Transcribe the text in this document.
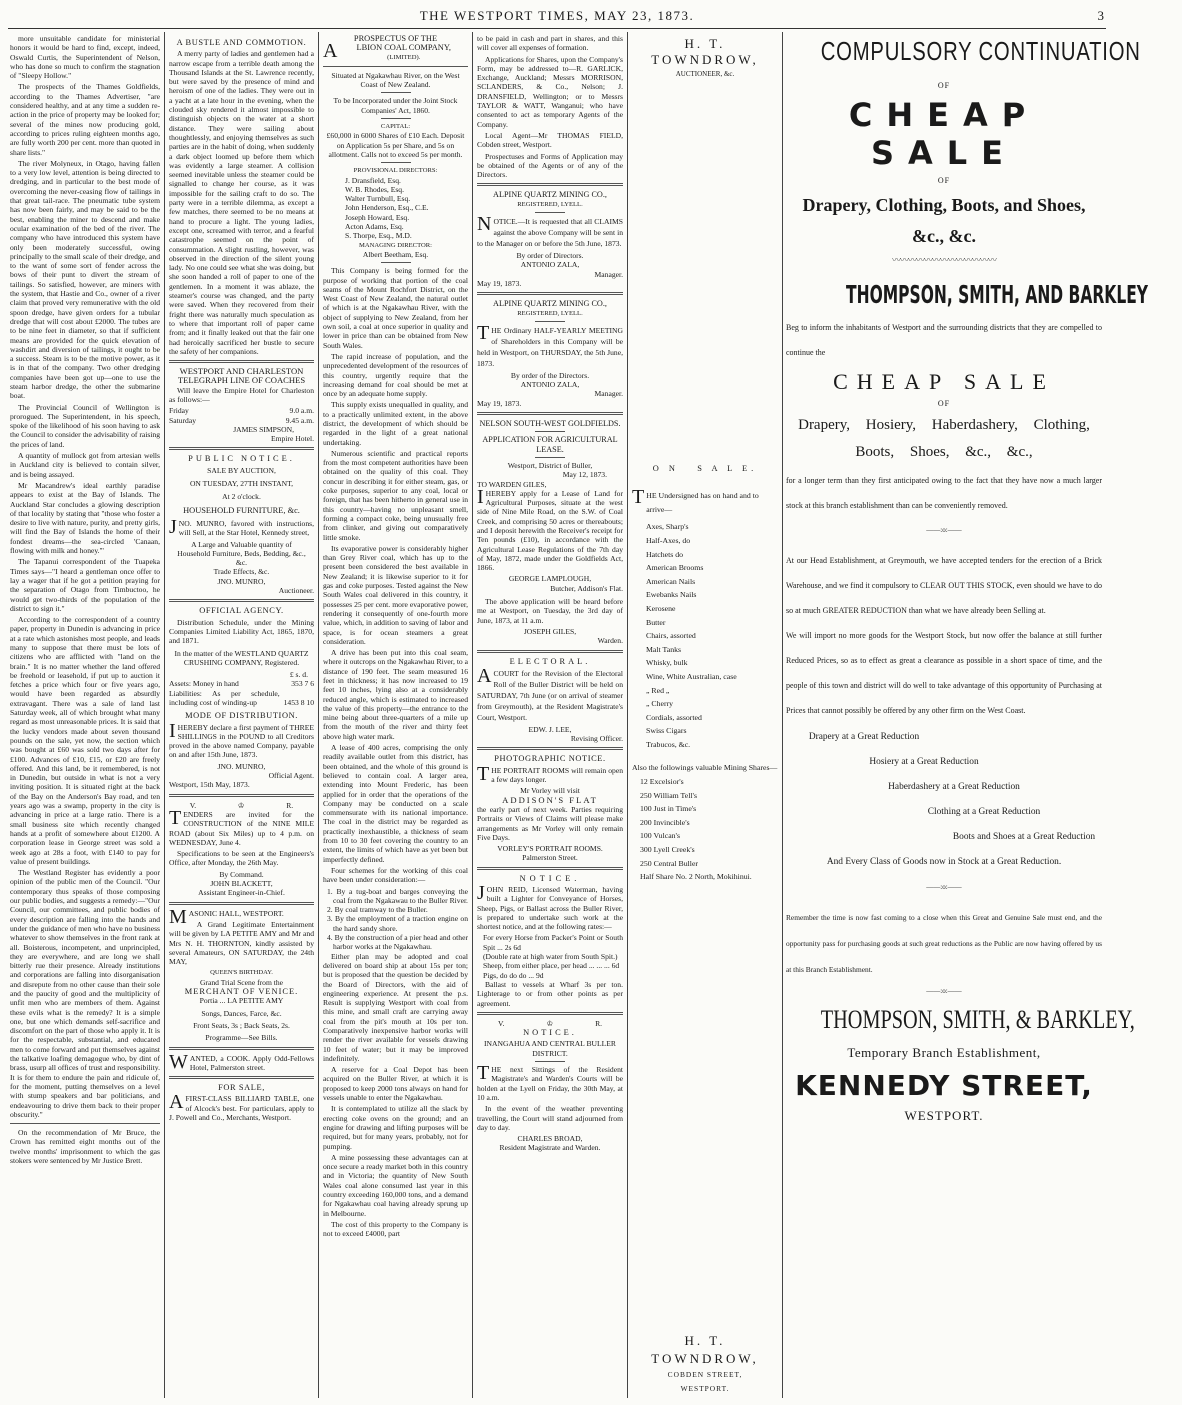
THE WESTPORT TIMES, MAY 23, 1873.	3

more unsuitable candidate for ministerial honors it would be hard to find, except, indeed, Oswald Curtis, the Superintendent of Nelson, who has done so much to confirm the stagnation of "Sleepy Hollow."

The prospects of the Thames Goldfields, according to the Thames Advertiser, "are considered healthy, and at any time a sudden re-action in the price of property may be looked for; several of the mines now producing gold, according to prices ruling eighteen months ago, are fully worth 200 per cent. more than quoted in share lists."

The river Molyneux, in Otago, having fallen to a very low level, attention is being directed to dredging, and in particular to the best mode of overcoming the never-ceasing flow of tailings in that great tail-race. The pneumatic tube system has now been fairly, and may be said to be the best, enabling the miner to descend and make ocular examination of the bed of the river. The company who have introduced this system have only been moderately successful, owing principally to the small scale of their dredge, and to the want of some sort of fender across the bows of their punt to divert the stream of tailings. So satisfied, however, are miners with the system, that Hastie and Co., owner of a river claim that proved very remunerative with the old spoon dredge, have given orders for a tubular dredge that will cost about £2000. The tubes are to be nine feet in diameter, so that if sufficient means are provided for the quick elevation of washdirt and diversion of tailings, it ought to be a success. Steam is to be the motive power, as it is in that of the company. Two other dredging companies have been got up—one to use the steam harbor dredge, the other the submarine boat.

The Provincial Council of Wellington is prorogued. The Superintendent, in his speech, spoke of the likelihood of his soon having to ask the Council to consider the advisability of raising the prices of land.

A quantity of mullock got from artesian wells in Auckland city is believed to contain silver, and is being assayed.

Mr Macandrew's ideal earthly paradise appears to exist at the Bay of Islands. The Auckland Star concludes a glowing description of that locality by stating that "those who foster a desire to live with nature, purity, and pretty girls, will find the Bay of Islands the home of their fondest dreams—the sea-circled 'Canaan, flowing with milk and honey.'"

The Tapanui correspondent of the Tuapeka Times says—"I heard a gentleman once offer to lay a wager that if he got a petition praying for the separation of Otago from Timbuctoo, he would get two-thirds of the population of the district to sign it."

According to the correspondent of a country paper, property in Dunedin is advancing in price at a rate which astonishes most people, and leads many to suppose that there must be lots of citizens who are afflicted with "land on the brain." It is no matter whether the land offered be freehold or leasehold, if put up to auction it fetches a price which four or five years ago, would have been regarded as absurdly extravagant. There was a sale of land last Saturday week, all of which brought what many regard as most unreasonable prices. It is said that the lucky vendors made about seven thousand pounds on the sale, yet now, the section which was bought at £60 was sold two days after for £100. Advances of £10, £15, or £20 are freely offered. And this land, be it remembered, is not in Dunedin, but outside in what is not a very inviting position. It is situated right at the back of the Bay on the Anderson's Bay road, and ten years ago was a swamp, property in the city is advancing in price at a large ratio. There is a small business site which recently changed hands at a profit of somewhere about £1200. A corporation lease in George street was sold a week ago at 28s a foot, with £140 to pay for value of present buildings.

The Westland Register has evidently a poor opinion of the public men of the Council. "Our contemporary thus speaks of those composing our public bodies, and suggests a remedy:—"Our Council, our committees, and public bodies of every description are falling into the hands and under the guidance of men who have no business whatever to show themselves in the front rank at all. Boisterous, incompetent, and unprincipled, they are everywhere, and are long we shall bitterly rue their presence. Already institutions and corporations are falling into disorganisation and disrepute from no other cause than their sole and the paucity of good and the multiplicity of unfit men who are members of them. Against these evils what is the remedy? It is a simple one, but one which demands self-sacrifice and discomfort on the part of those who apply it. It is for the respectable, substantial, and educated men to come forward and put themselves against the talkative loafing demagogue who, by dint of brass, usurp all offices of trust and responsibility. It is for them to endure the pain and ridicule of, for the moment, putting themselves on a level with stump speakers and bar politicians, and endeavouring to drive them back to their proper obscurity."

On the recommendation of Mr Bruce, the Crown has remitted eight months out of the twelve months' imprisonment to which the gas stokers were sentenced by Mr Justice Brett.

A BUSTLE AND COMMOTION.

A merry party of ladies and gentlemen had a narrow escape from a terrible death among the Thousand Islands at the St. Lawrence recently, but were saved by the presence of mind and heroism of one of the ladies. They were out in a yacht at a late hour in the evening, when the clouded sky rendered it almost impossible to distinguish objects on the water at a short distance. They were sailing about thoughtlessly, and enjoying themselves as such parties are in the habit of doing, when suddenly a dark object loomed up before them which was evidently a large steamer. A collision seemed inevitable unless the steamer could be signalled to change her course, as it was impossible for the sailing craft to do so. The party were in a terrible dilemma, as except a few matches, there seemed to be no means at hand to procure a light. The young ladies, except one, screamed with terror, and a fearful catastrophe seemed on the point of consummation. A slight rustling, however, was observed in the direction of the silent young lady. No one could see what she was doing, but she soon handed a roll of paper to one of the gentlemen. In a moment it was ablaze, the steamer's course was changed, and the party were saved. When they recovered from their fright there was naturally much speculation as to where that important roll of paper came from; and it finally leaked out that the fair one had heroically sacrificed her bustle to secure the safety of her companions.

WESTPORT AND CHARLESTON TELEGRAPH LINE OF COACHES

Will leave the Empire Hotel for Charleston as follows:—

Friday	9.0 a.m.
Saturday	9.45 a.m.
JAMES SIMPSON,
Empire Hotel.
PUBLIC NOTICE.
SALE BY AUCTION,
ON TUESDAY, 27TH INSTANT,
At 2 o'clock.
HOUSEHOLD FURNITURE, &c.

JNO. MUNRO, favored with instructions, will Sell, at the Star Hotel, Kennedy street,

A Large and Valuable quantity of Household Furniture, Beds, Bedding, &c., &c.
Trade Effects, &c.
JNO. MUNRO,
Auctioneer.
OFFICIAL AGENCY.

Distribution Schedule, under the Mining Companies Limited Liability Act, 1865, 1870, and 1871.

In the matter of the WESTLAND QUARTZ CRUSHING COMPANY, Registered.
£ s. d.
Assets: Money in hand	353 7 6
Liabilities: As per schedule, including cost of winding-up	1453 8 10
MODE OF DISTRIBUTION.

IHEREBY declare a first payment of THREE SHILLINGS in the POUND to all Creditors proved in the above named Company, payable on and after 15th June, 1873.

JNO. MUNRO,
Official Agent.
Westport, 15th May, 1873.
V.	♔	R.

TENDERS are invited for the CONSTRUCTION of the NINE MILE ROAD (about Six Miles) up to 4 p.m. on WEDNESDAY, June 4.

Specifications to be seen at the Engineers's Office, after Monday, the 26th May.

By Command.
JOHN BLACKETT,
Assistant Engineer-in-Chief.

MASONIC HALL, WESTPORT.

A Grand Legitimate Entertainment will be given by LA PETITE AMY and Mr and Mrs N. H. THORNTON, kindly assisted by several Amateurs, ON SATURDAY, the 24th MAY,

QUEEN'S BIRTHDAY.
Grand Trial Scene from the
MERCHANT OF VENICE.
Portia ... LA PETITE AMY
Songs, Dances, Farce, &c.
Front Seats, 3s ; Back Seats, 2s.
Programme—See Bills.

WANTED, a COOK. Apply Odd-Fellows Hotel, Palmerston street.

FOR SALE,

AFIRST-CLASS BILLIARD TABLE, one of Alcock's best. For particulars, apply to J. Powell and Co., Merchants, Westport.

PROSPECTUS OF THE
ALBION COAL COMPANY,
(LIMITED).
Situated at Ngakawhau River, on the West Coast of New Zealand.
To be Incorporated under the Joint Stock Companies' Act, 1860.
CAPITAL:
£60,000 in 6000 Shares of £10 Each. Deposit on Application 5s per Share, and 5s on allotment. Calls not to exceed 5s per month.
PROVISIONAL DIRECTORS:
J. Dransfield, Esq.
W. B. Rhodes, Esq.
Walter Turnbull, Esq.
John Henderson, Esq., C.E.
Joseph Howard, Esq.
Acton Adams, Esq.
S. Thorpe, Esq., M.D.
MANAGING DIRECTOR:
Albert Beetham, Esq.

This Company is being formed for the purpose of working that portion of the coal seams of the Mount Rochfort District, on the West Coast of New Zealand, the natural outlet of which is at the Ngakawhau River, with the object of supplying to New Zealand, from her own soil, a coal at once superior in quality and lower in price than can be obtained from New South Wales.

The rapid increase of population, and the unprecedented development of the resources of this country, urgently require that the increasing demand for coal should be met at once by an adequate home supply.

This supply exists unequalled in quality, and to a practically unlimited extent, in the above district, the development of which should be regarded in the light of a great national undertaking.

Numerous scientific and practical reports from the most competent authorities have been obtained on the quality of this coal. They concur in describing it for either steam, gas, or coke purposes, superior to any coal, local or foreign, that has been hitherto in general use in this country—having no unpleasant smell, forming a compact coke, being unusually free from clinker, and giving out comparatively little smoke.

Its evaporative power is considerably higher than Grey River coal, which has up to the present been considered the best available in New Zealand; it is likewise superior to it for gas and coke purposes. Tested against the New South Wales coal delivered in this country, it possesses 25 per cent. more evaporative power, rendering it consequently of one-fourth more value, which, in addition to saving of labor and space, is for ocean steamers a great consideration.

A drive has been put into this coal seam, where it outcrops on the Ngakawhau River, to a distance of 190 feet. The seam measured 16 feet in thickness; it has now increased to 19 feet 10 inches, lying also at a considerably reduced angle, which is estimated to increased the value of this property—the entrance to the mine being about three-quarters of a mile up from the mouth of the river and thirty feet above high water mark.

A lease of 400 acres, comprising the only readily available outlet from this district, has been obtained, and the whole of this ground is believed to contain coal. A larger area, extending into Mount Frederic, has been applied for in order that the operations of the Company may be conducted on a scale commensurate with its national importance. The coal in the district may be regarded as practically inexhaustible, a thickness of seam from 10 to 30 feet covering the country to an extent, the limits of which have as yet been but imperfectly defined.

Four schemes for the working of this coal have been under consideration:—

1. By a tug-boat and barges conveying the coal from the Ngakawau to the Buller River.
2. By coal tramway to the Buller.
3. By the employment of a traction engine on the hard sandy shore.
4. By the construction of a pier head and other harbor works at the Ngakawhau.

Either plan may be adopted and coal delivered on board ship at about 15s per ton; but is proposed that the question be decided by the Board of Directors, with the aid of engineering experience. At present the p.s. Result is supplying Westport with coal from this mine, and small craft are carrying away coal from the pit's mouth at 10s per ton. Comparatively inexpensive harbor works will render the river available for vessels drawing 10 feet of water; but it may be improved indefinitely.

A reserve for a Coal Depot has been acquired on the Buller River, at which it is proposed to keep 2000 tons always on hand for vessels unable to enter the Ngakawhau.

It is contemplated to utilize all the slack by erecting coke ovens on the ground; and an engine for drawing and lifting purposes will be required, but for many years, probably, not for pumping.

A mine possessing these advantages can at once secure a ready market both in this country and in Victoria; the quantity of New South Wales coal alone consumed last year in this country exceeding 160,000 tons, and a demand for Ngakawhau coal having already sprung up in Melbourne.

The cost of this property to the Company is not to exceed £4000, part

to be paid in cash and part in shares, and this will cover all expenses of formation.

Applications for Shares, upon the Company's Form, may be addressed to—R. GARLICK, Exchange, Auckland; Messrs MORRISON, SCLANDERS, & Co., Nelson; J. DRANSFIELD, Wellington; or to Messrs TAYLOR & WATT, Wanganui; who have consented to act as temporary Agents of the Company.

Local Agent—Mr THOMAS FIELD, Cobden street, Westport.

Prospectuses and Forms of Application may be obtained of the Agents or of any of the Directors.

ALPINE QUARTZ MINING CO.,
REGISTERED, LYELL.

NOTICE.—It is requested that all CLAIMS against the above Company will be sent in to the Manager on or before the 5th June, 1873.

By order of Directors.
ANTONIO ZALA,
Manager.
May 19, 1873.
ALPINE QUARTZ MINING CO.,
REGISTERED, LYELL.

THE Ordinary HALF-YEARLY MEETING of Shareholders in this Company will be held in Westport, on THURSDAY, the 5th June, 1873.

By order of the Directors.
ANTONIO ZALA,
Manager.
May 19, 1873.
NELSON SOUTH-WEST GOLDFIELDS.
APPLICATION FOR AGRICULTURAL LEASE.
Westport, District of Buller,
May 12, 1873.
TO WARDEN GILES,

IHEREBY apply for a Lease of Land for Agricultural Purposes, situate at the west side of Nine Mile Road, on the S.W. of Coal Creek, and comprising 50 acres or thereabouts; and I deposit herewith the Receiver's receipt for Ten pounds (£10), in accordance with the Agricultural Lease Regulations of the 7th day of May, 1872, made under the Goldfields Act, 1866.

GEORGE LAMPLOUGH,
Butcher, Addison's Flat.

The above application will be heard before me at Westport, on Tuesday, the 3rd day of June, 1873, at 11 a.m.

JOSEPH GILES,
Warden.
ELECTORAL.

ACOURT for the Revision of the Electoral Roll of the Buller District will be held on SATURDAY, 7th June (or on arrival of steamer from Greymouth), at the Resident Magistrate's Court, Westport.

EDW. J. LEE,
Revising Officer.
PHOTOGRAPHIC NOTICE.

THE PORTRAIT ROOMS will remain open a few days longer.

Mr Vorley will visit
ADDISON'S FLAT

the early part of next week. Parties requiring Portraits or Views of Claims will please make arrangements as Mr Vorley will only remain Five Days.

VORLEY'S PORTRAIT ROOMS.
Palmerston Street.
NOTICE.

JOHN REID, Licensed Waterman, having built a Lighter for Conveyance of Horses, Sheep, Pigs, or Ballast across the Buller River, is prepared to undertake such work at the shortest notice, and at the following rates:—

For every Horse from Packer's Point or South Spit ... 2s 6d
(Double rate at high water from South Spit.)
Sheep, from either place, per head ... ... ... 6d
Pigs, do do do ... 9d

Ballast to vessels at Wharf 3s per ton. Lighterage to or from other points as per agreement.

V.	♔	R.
NOTICE.
INANGAHUA AND CENTRAL BULLER DISTRICT.

THE next Sittings of the Resident Magistrate's and Warden's Courts will be holden at the Lyell on Friday, the 30th May, at 10 a.m.

In the event of the weather preventing travelling, the Court will stand adjourned from day to day.

CHARLES BROAD,
Resident Magistrate and Warden.
H. T. TOWNDROW,
AUCTIONEER, &c.
O N   S A L E.
THE Undersigned has on hand and to arrive—
Axes, Sharp's
Half-Axes, do
Hatchets do
American Brooms
American Nails
Ewebanks Nails
Kerosene
Butter
Chairs, assorted
Malt Tanks
Whisky, bulk
Wine, White Australian, case
„ Red „
„ Cherry
Cordials, assorted
Swiss Cigars
Trabucos, &c.
Also the followings valuable Mining Shares—
12 Excelsior's
250 William Tell's
100 Just in Time's
200 Invincible's
100 Vulcan's
300 Lyell Creek's
250 Central Buller
Half Share No. 2 North, Mokihinui.
H. T. TOWNDROW,
COBDEN STREET,
WESTPORT.
COMPULSORY CONTINUATION
OF
CHEAP SALE
OF
Drapery, Clothing, Boots, and Shoes,
&c., &c.
〰〰〰〰〰〰〰〰〰〰〰〰〰
THOMPSON, SMITH, AND BARKLEY
Beg to inform the inhabitants of Westport and the surrounding districts that they are compelled to continue the
CHEAP SALE
OF
Drapery, Hosiery, Haberdashery, Clothing, Boots, Shoes, &c., &c.,
for a longer term than they first anticipated owing to the fact that they have now a much larger stock at this branch establishment than can be conveniently removed.
——:o:——
At our Head Establishment, at Greymouth, we have accepted tenders for the erection of a Brick Warehouse, and we find it compulsory to CLEAR OUT THIS STOCK, even should we have to do so at much GREATER REDUCTION than what we have already been Selling at.
We will import no more goods for the Westport Stock, but now offer the balance at still further Reduced Prices, so as to effect as great a clearance as possible in a short space of time, and the people of this town and district will do well to take advantage of this opportunity of Purchasing at Prices that cannot possibly be offered by any other firm on the West Coast.
Drapery at a Great Reduction
Hosiery at a Great Reduction
Haberdashery at a Great Reduction
Clothing at a Great Reduction
Boots and Shoes at a Great Reduction
And Every Class of Goods now in Stock at a Great Reduction.
——:o:——
Remember the time is now fast coming to a close when this Great and Genuine Sale must end, and the opportunity pass for purchasing goods at such great reductions as the Public are now having offered by us at this Branch Establishment.
——:o:——
THOMPSON, SMITH, & BARKLEY,
Temporary Branch Establishment,
KENNEDY STREET,
WESTPORT.
